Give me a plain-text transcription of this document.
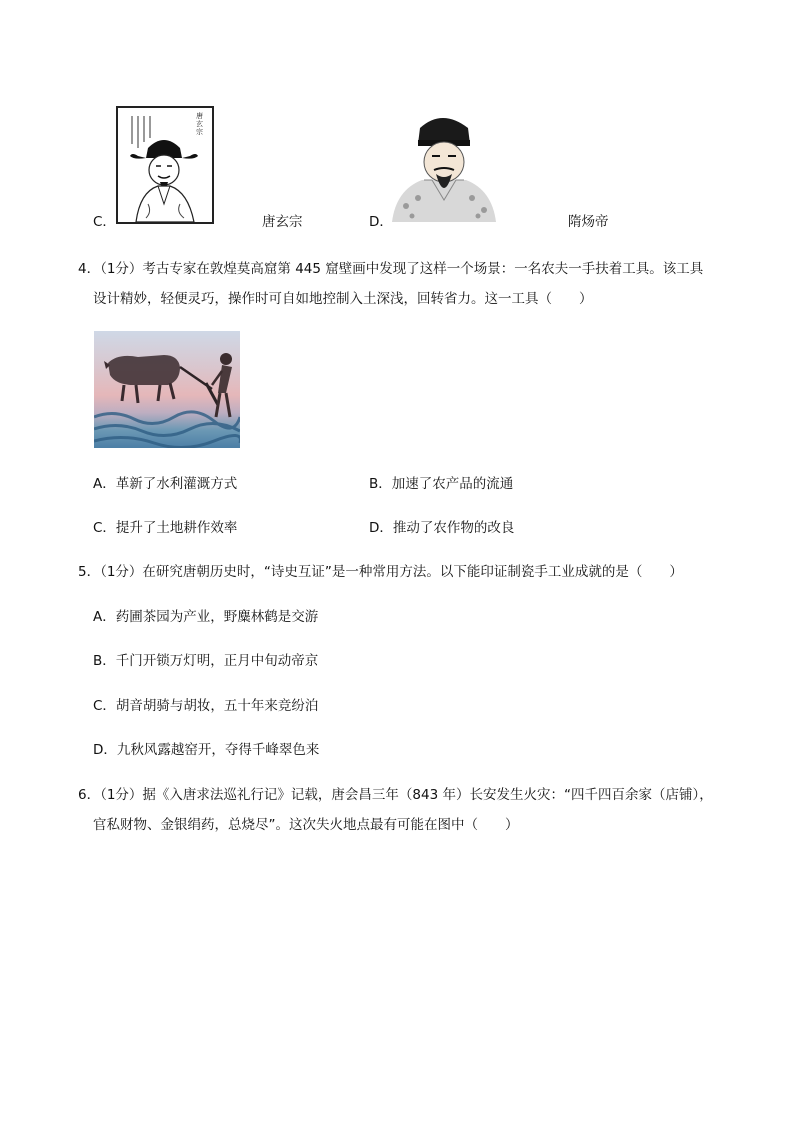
唐玄宗
C．	唐玄宗	D．	隋炀帝
4．（1分）考古专家在敦煌莫高窟第 445 窟壁画中发现了这样一个场景：一名农夫一手扶着工具。该工具
设计精妙，轻便灵巧，操作时可自如地控制入土深浅，回转省力。这一工具（　　）
A．革新了水利灌溉方式	B．加速了农产品的流通
C．提升了土地耕作效率	D．推动了农作物的改良
5．（1分）在研究唐朝历史时，“诗史互证”是一种常用方法。以下能印证制瓷手工业成就的是（　　）
A．药圃茶园为产业，野麋林鹤是交游
B．千门开锁万灯明，正月中旬动帝京
C．胡音胡骑与胡妆，五十年来竞纷泊
D．九秋风露越窑开，夺得千峰翠色来
6．（1分）据《入唐求法巡礼行记》记载，唐会昌三年（843 年）长安发生火灾：“四千四百余家（店铺），
官私财物、金银绢药，总烧尽”。这次失火地点最有可能在图中（　　）
